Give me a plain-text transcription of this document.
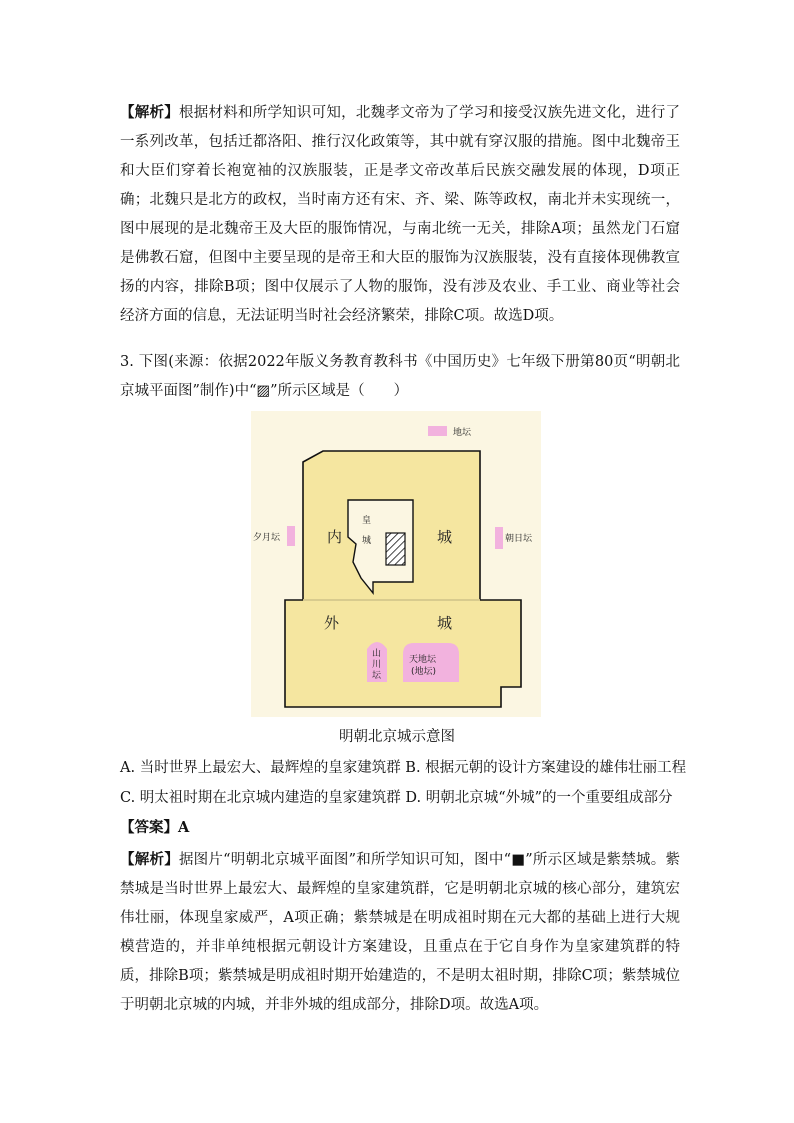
【解析】根据材料和所学知识可知，北魏孝文帝为了学习和接受汉族先进文化，进行了一系列改革，包括迁都洛阳、推行汉化政策等，其中就有穿汉服的措施。图中北魏帝王和大臣们穿着长袍宽袖的汉族服装，正是孝文帝改革后民族交融发展的体现，D项正确；北魏只是北方的政权，当时南方还有宋、齐、梁、陈等政权，南北并未实现统一，图中展现的是北魏帝王及大臣的服饰情况，与南北统一无关，排除A项；虽然龙门石窟是佛教石窟，但图中主要呈现的是帝王和大臣的服饰为汉族服装，没有直接体现佛教宣扬的内容，排除B项；图中仅展示了人物的服饰，没有涉及农业、手工业、商业等社会经济方面的信息，无法证明当时社会经济繁荣，排除C项。故选D项。

3. 下图(来源：依据2022年版义务教育教科书《中国历史》七年级下册第80页“明朝北京城平面图”制作)中“▨”所示区域是（　　）

地坛
夕月坛	朝日坛
内	城
皇
城
外	城
山
川
坛
天地坛
(地坛)
明朝北京城示意图
A. 当时世界上最宏大、最辉煌的皇家建筑群 B. 根据元朝的设计方案建设的雄伟壮丽工程
C. 明太祖时期在北京城内建造的皇家建筑群 D. 明朝北京城“外城”的一个重要组成部分
【答案】A

【解析】据图片“明朝北京城平面图”和所学知识可知，图中“■”所示区域是紫禁城。紫禁城是当时世界上最宏大、最辉煌的皇家建筑群，它是明朝北京城的核心部分，建筑宏伟壮丽，体现皇家威严，A项正确；紫禁城是在明成祖时期在元大都的基础上进行大规模营造的，并非单纯根据元朝设计方案建设，且重点在于它自身作为皇家建筑群的特质，排除B项；紫禁城是明成祖时期开始建造的，不是明太祖时期，排除C项；紫禁城位于明朝北京城的内城，并非外城的组成部分，排除D项。故选A项。
